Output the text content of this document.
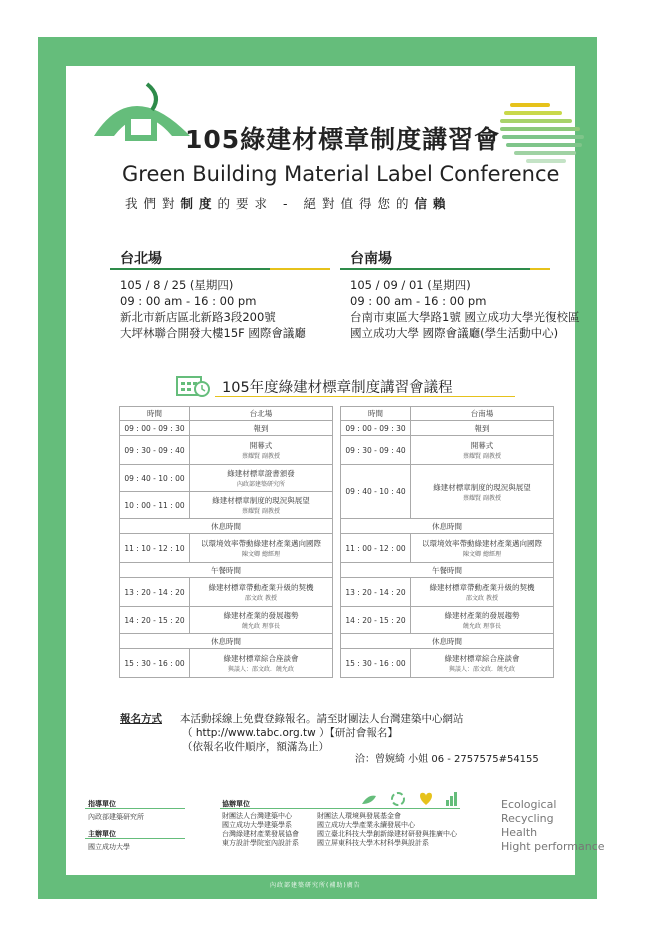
105綠建材標章制度講習會
Green Building Material Label Conference
我們對制度的要求 - 絕對值得您的信賴
台北場
105 / 8 / 25 (星期四)
09 : 00 am - 16 : 00 pm
新北市新店區北新路3段200號
大坪林聯合開發大樓15F 國際會議廳
台南場
105 / 09 / 01 (星期四)
09 : 00 am - 16 : 00 pm
台南市東區大學路1號 國立成功大學光復校區
國立成功大學 國際會議廳(學生活動中心)
105年度綠建材標章制度講習會議程
時間	台北場
09 : 00 - 09 : 30	報到
09 : 30 - 09 : 40	開幕式
蔡耀賢 副教授

09 : 40 - 10 : 00	綠建材標章證書頒發
內政部建築研究所

10 : 00 - 11 : 00	綠建材標章制度的現況與展望
蔡耀賢 副教授

休息時間	
11 : 10 - 12 : 10	以環境效率帶動綠建材產業邁向國際
陳文卿 總經理

午餐時間	
13 : 20 - 14 : 20	綠建材標章帶動產業升級的契機
邵文政 教授

14 : 20 - 15 : 20	綠建材產業的發展趨勢
饒允政 理事長

休息時間	
15 : 30 - 16 : 00	綠建材標章綜合座談會
與談人：邵文政．饒允政
時間	台南場
09 : 00 - 09 : 30	報到
09 : 30 - 09 : 40	開幕式
蔡耀賢 副教授

09 : 40 - 10 : 40	綠建材標章制度的現況與展望
蔡耀賢 副教授

休息時間	
11 : 00 - 12 : 00	以環境效率帶動綠建材產業邁向國際
陳文卿 總經理

午餐時間	
13 : 20 - 14 : 20	綠建材標章帶動產業升級的契機
邵文政 教授

14 : 20 - 15 : 20	綠建材產業的發展趨勢
饒允政 理事長

休息時間	
15 : 30 - 16 : 00	綠建材標章綜合座談會
與談人：邵文政．饒允政
報名方式 本活動採線上免費登錄報名。請至財團法人台灣建築中心網站
（ http://www.tabc.org.tw ）【研討會報名】
（依報名收件順序，額滿為止）
洽：曾婉綺 小姐 06 - 2757575#54155
指導單位
內政部建築研究所
主辦單位
國立成功大學
協辦單位
財團法人台灣建築中心
國立成功大學建築學系
台灣綠建材產業發展協會
東方設計學院室內設計系
財團法人環境與發展基金會
國立成功大學產業永續發展中心
國立臺北科技大學創新綠建材研發與推廣中心
國立屏東科技大學木材科學與設計系
Ecological
Recycling
Health
Hight performance
內政部建築研究所(補助)廣告
